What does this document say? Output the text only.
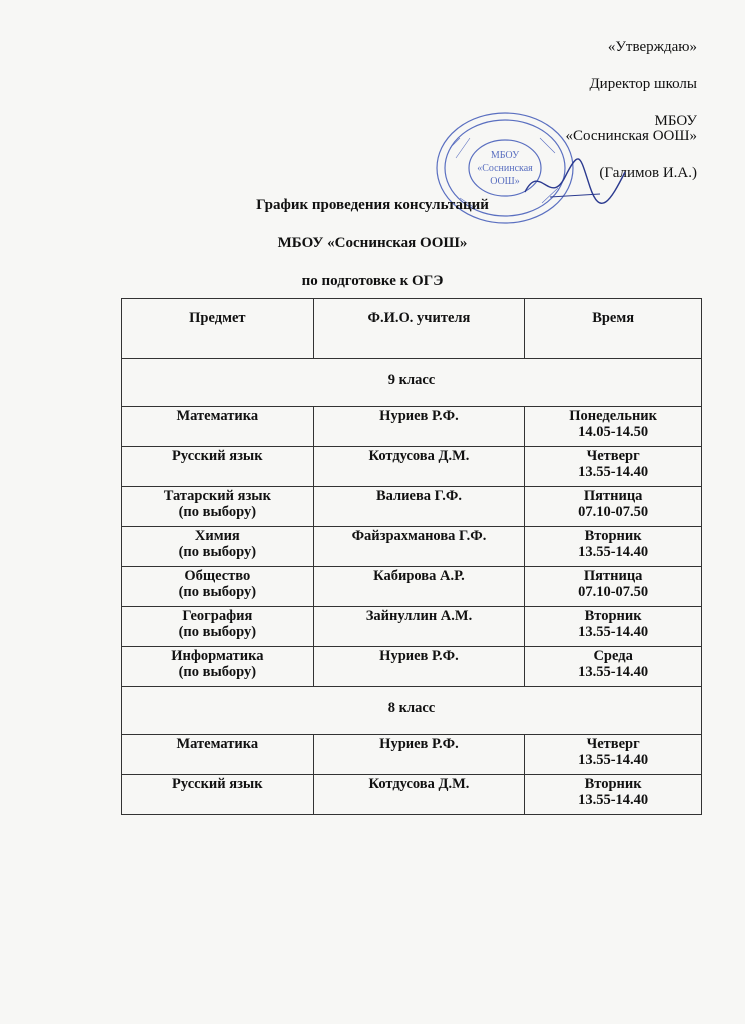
«Утверждаю»
Директор школы
МБОУ
«Соснинская ООШ»
(Галимов И.А.)
МБОУ
«Соснинская
ООШ»
График проведения консультаций
МБОУ «Соснинская ООШ»
по подготовке к ОГЭ
Предмет	Ф.И.О. учителя	Время
9 класс		

Математика	Нуриев Р.Ф.	Понедельник
14.05-14.50

Русский язык	Котдусова Д.М.	Четверг
13.55-14.40

Татарский язык
(по выбору)	Валиева Г.Ф.	Пятница
07.10-07.50

Химия
(по выбору)	Файзрахманова Г.Ф.	Вторник
13.55-14.40

Общество
(по выбору)	Кабирова А.Р.	Пятница
07.10-07.50

География
(по выбору)	Зайнуллин А.М.	Вторник
13.55-14.40

Информатика
(по выбору)	Нуриев Р.Ф.	Среда
13.55-14.40

8 класс		

Математика	Нуриев Р.Ф.	Четверг
13.55-14.40

Русский язык	Котдусова Д.М.	Вторник
13.55-14.40
